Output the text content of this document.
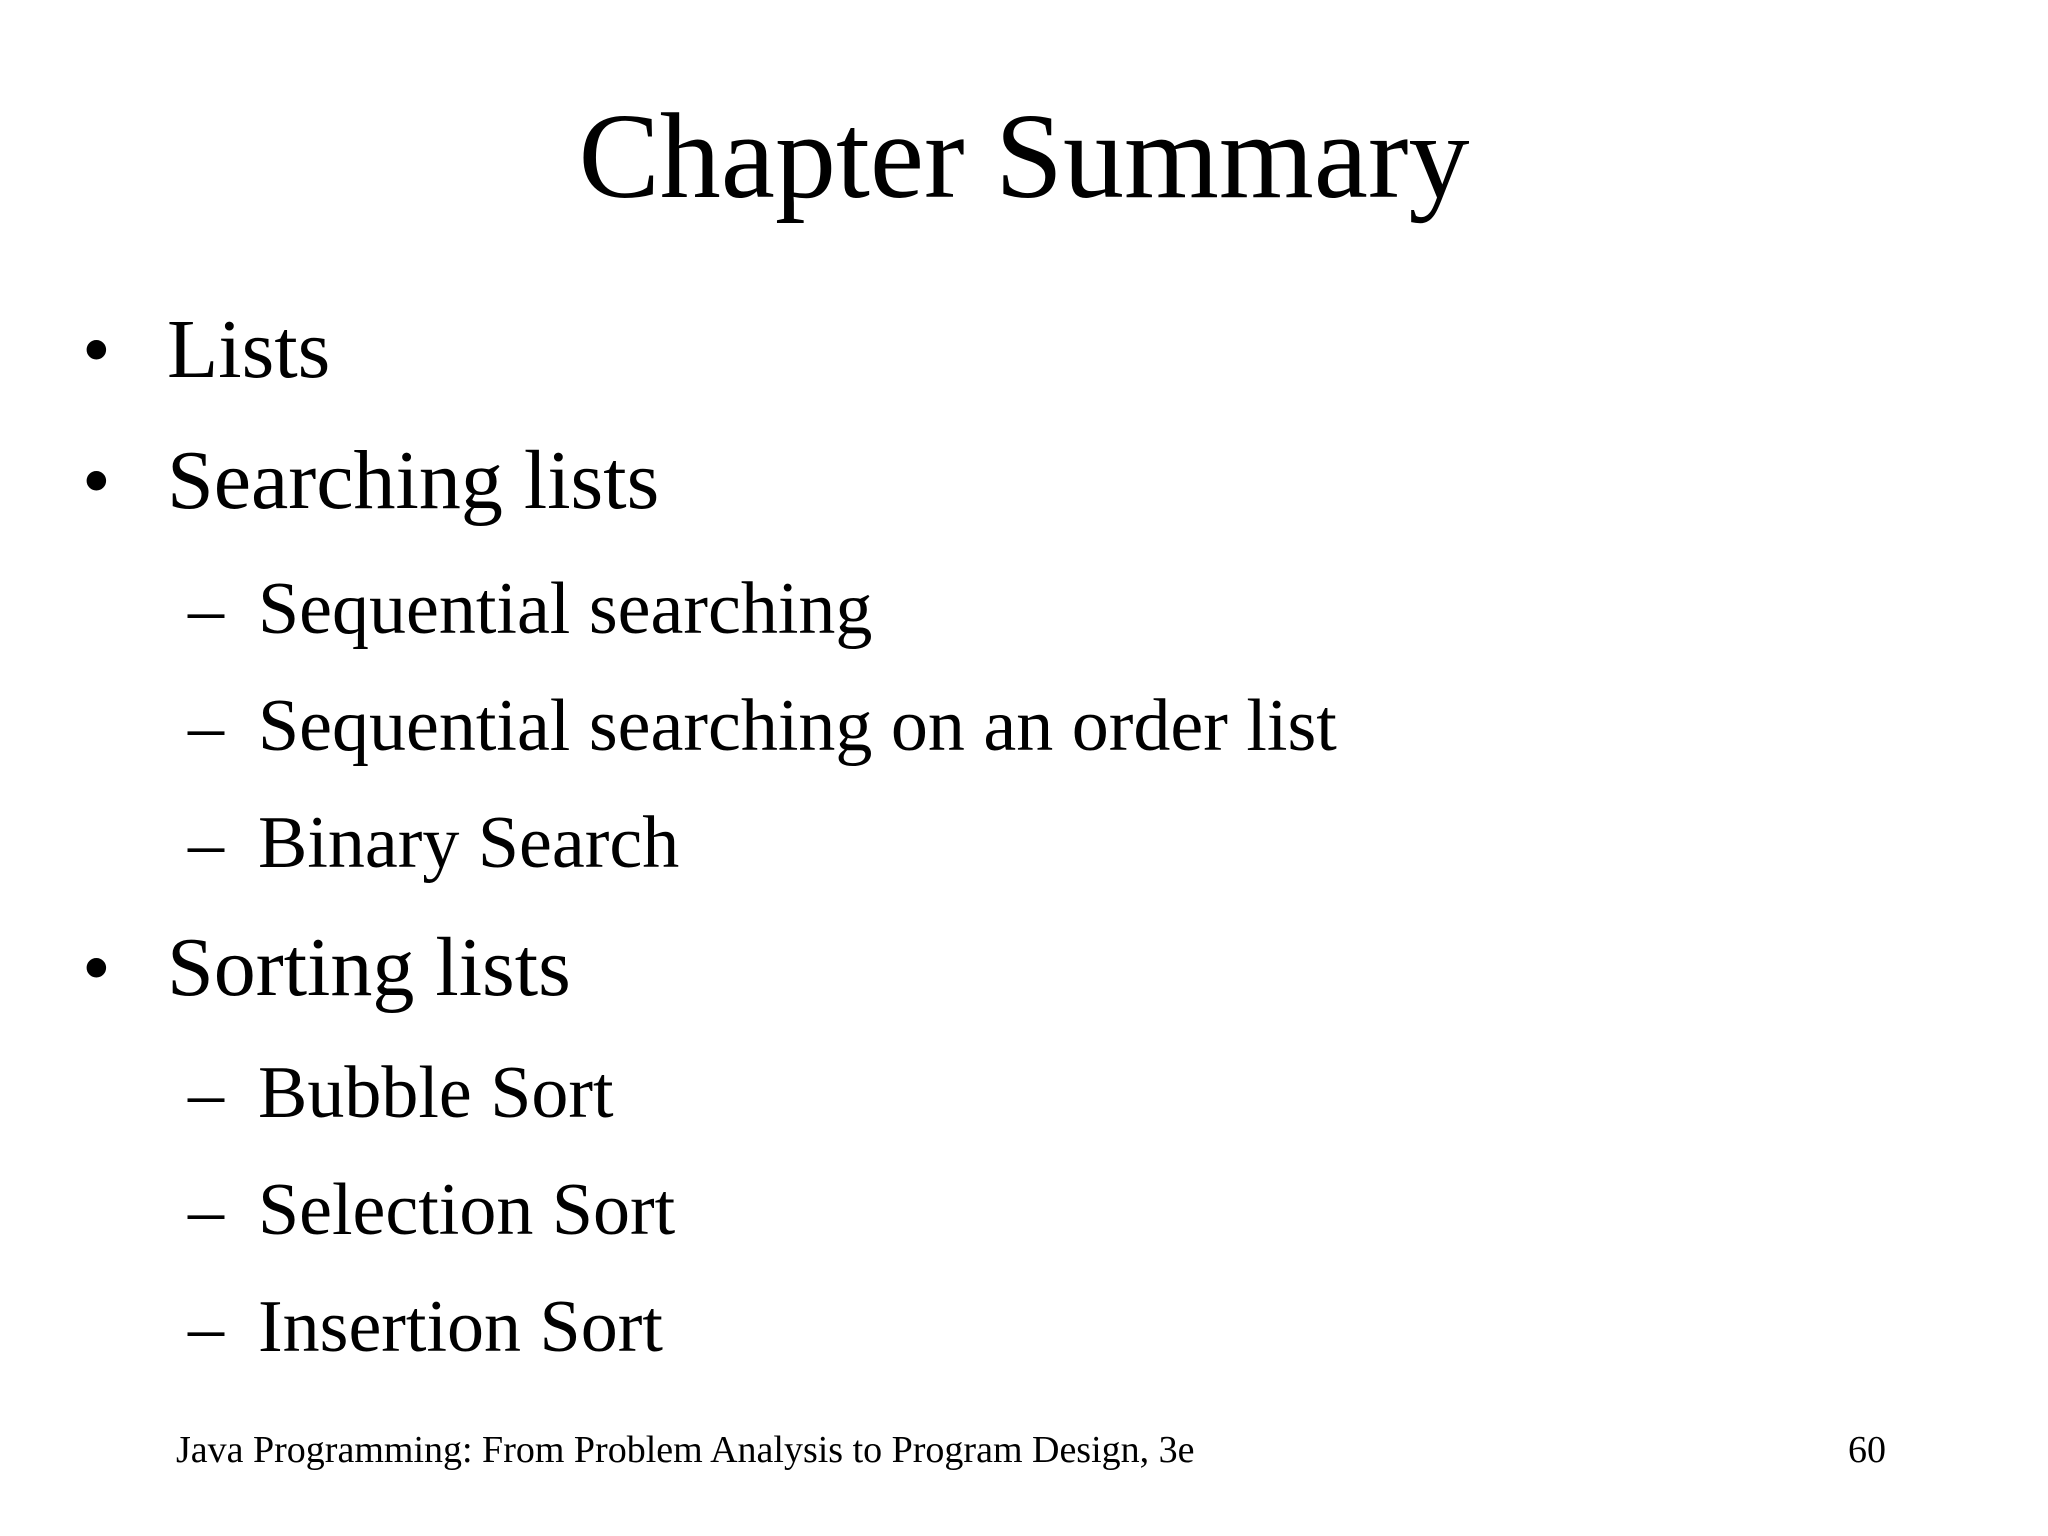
Chapter Summary
• Lists
• Searching lists
– Sequential searching
– Sequential searching on an order list
– Binary Search
• Sorting lists
– Bubble Sort
– Selection Sort
– Insertion Sort
Java Programming: From Problem Analysis to Program Design, 3e	60
